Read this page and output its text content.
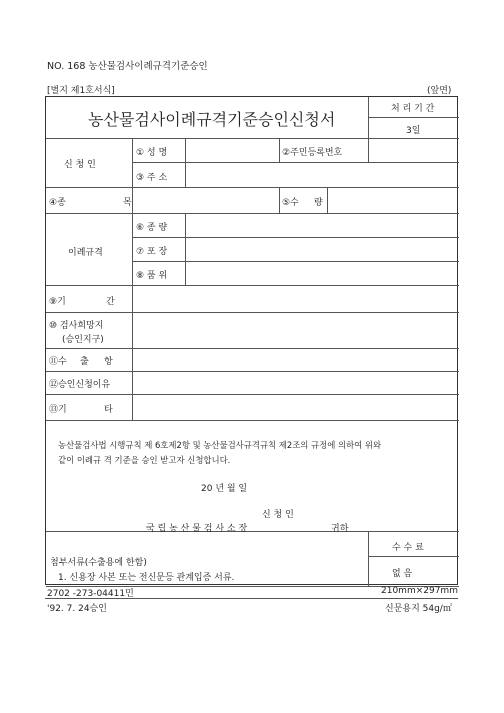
NO. 168 농산물검사이례규격기준승인
[별지 제1호서식]	(앞면)
농산물검사이례규격기준승인신청서
처 리 기 간
3일
신 청 인
① 성 명	②주민등록번호
③ 주 소
④종	목	⑤수 량
이례규격
⑥ 종 량
⑦ 포 장
⑧ 품 위
⑨기	간
⑩ 검사희망지
(승인지구)
⑪수 출 항
⑫승인신청이유
⑬기	타
농산물검사법 시행규칙 제 6호제2항 및 농산물검사규격규칙 제2조의 규정에 의하여 위와
같이 이례규 격 기준을 승인 받고자 신청합니다.
20 년 월 일
신 청 인
국 립 농 산 물 검 사 소 장	귀하
첨부서류(수출용에 한함)
1. 신용장 사본 또는 전신문등 관계입증 서류.
수 수 료
없 음
2702 -273-04411민
'92. 7. 24승인
210mm×297mm
신문용지 54g/㎡
